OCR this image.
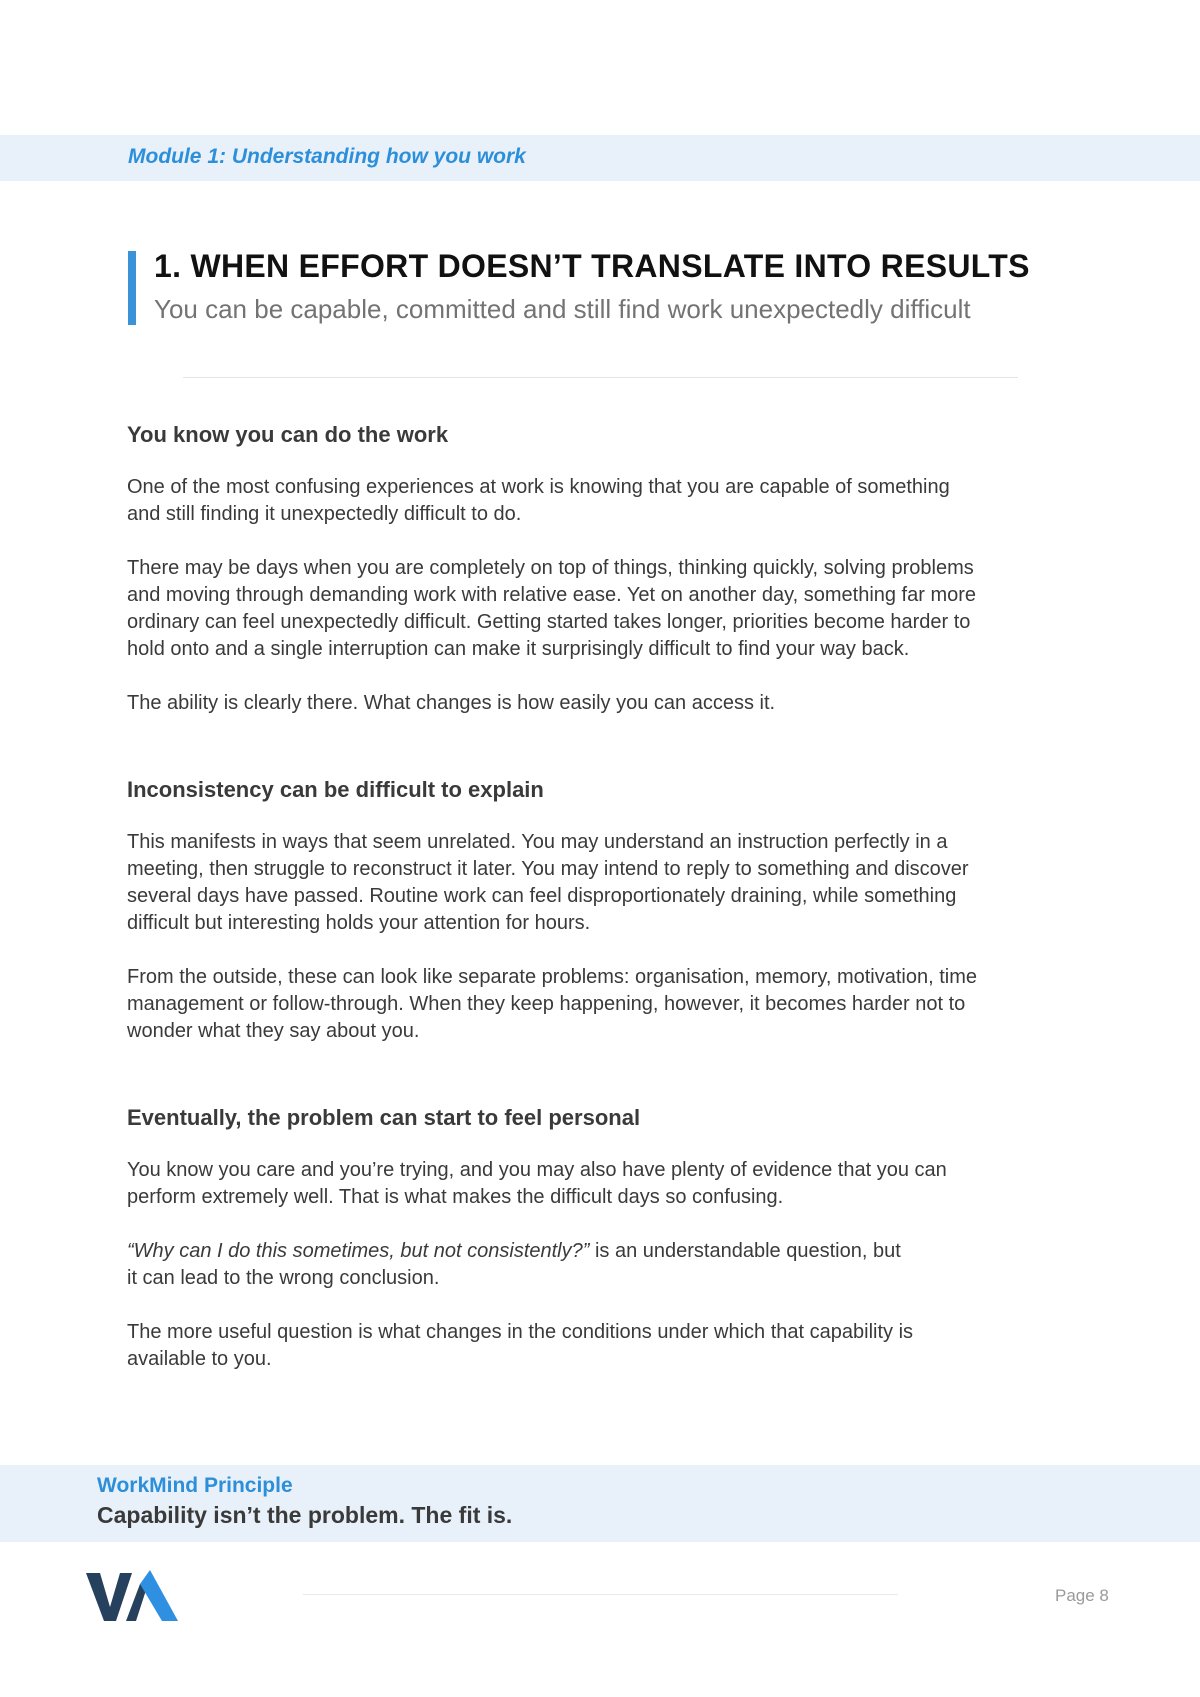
Module 1: Understanding how you work
1. WHEN EFFORT DOESN’T TRANSLATE INTO RESULTS
You can be capable, committed and still find work unexpectedly difficult
You know you can do the work

One of the most confusing experiences at work is knowing that you are capable of something and still finding it unexpectedly difficult to do.

There may be days when you are completely on top of things, thinking quickly, solving problems and moving through demanding work with relative ease. Yet on another day, something far more ordinary can feel unexpectedly difficult. Getting started takes longer, priorities become harder to hold onto and a single interruption can make it surprisingly difficult to find your way back.

The ability is clearly there. What changes is how easily you can access it.

Inconsistency can be difficult to explain

This manifests in ways that seem unrelated. You may understand an instruction perfectly in a meeting, then struggle to reconstruct it later. You may intend to reply to something and discover several days have passed. Routine work can feel disproportionately draining, while something difficult but interesting holds your attention for hours.

From the outside, these can look like separate problems: organisation, memory, motivation, time management or follow-through. When they keep happening, however, it becomes harder not to wonder what they say about you.

Eventually, the problem can start to feel personal

You know you care and you’re trying, and you may also have plenty of evidence that you can perform extremely well. That is what makes the difficult days so confusing.

“Why can I do this sometimes, but not consistently?” is an understandable question, but
it can lead to the wrong conclusion.

The more useful question is what changes in the conditions under which that capability is available to you.

WorkMind Principle
Capability isn’t the problem. The fit is.
Page 8
